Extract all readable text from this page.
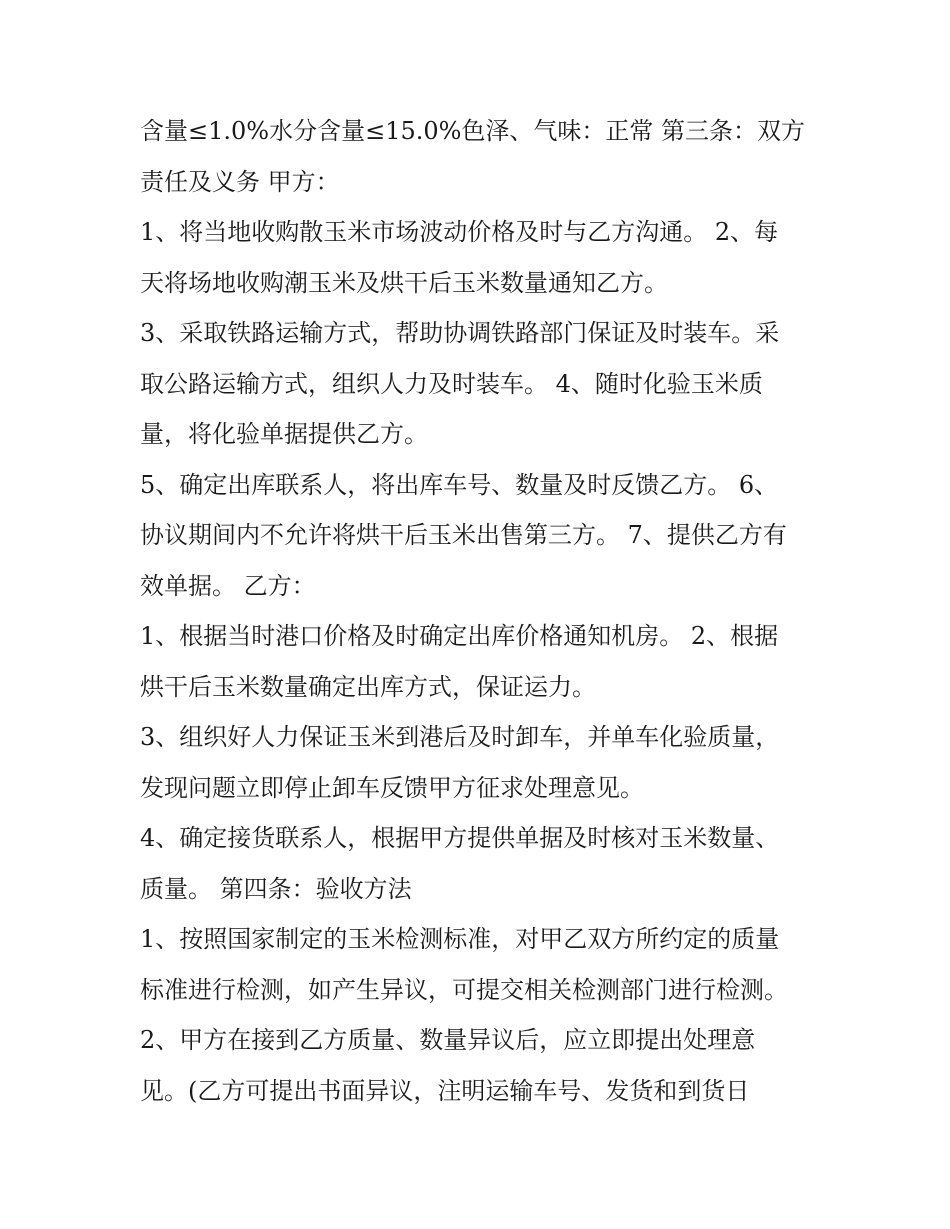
含量≤1.0%水分含量≤15.0%色泽、气味：正常 第三条：双方
责任及义务 甲方：
1、将当地收购散玉米市场波动价格及时与乙方沟通。 2、每
天将场地收购潮玉米及烘干后玉米数量通知乙方。
3、采取铁路运输方式，帮助协调铁路部门保证及时装车。采
取公路运输方式，组织人力及时装车。 4、随时化验玉米质
量，将化验单据提供乙方。
5、确定出库联系人，将出库车号、数量及时反馈乙方。 6、
协议期间内不允许将烘干后玉米出售第三方。 7、提供乙方有
效单据。 乙方：
1、根据当时港口价格及时确定出库价格通知机房。 2、根据
烘干后玉米数量确定出库方式，保证运力。
3、组织好人力保证玉米到港后及时卸车，并单车化验质量，
发现问题立即停止卸车反馈甲方征求处理意见。
4、确定接货联系人，根据甲方提供单据及时核对玉米数量、
质量。 第四条：验收方法
1、按照国家制定的玉米检测标准，对甲乙双方所约定的质量
标准进行检测，如产生异议，可提交相关检测部门进行检测。
2、甲方在接到乙方质量、数量异议后，应立即提出处理意
见。(乙方可提出书面异议，注明运输车号、发货和到货日
